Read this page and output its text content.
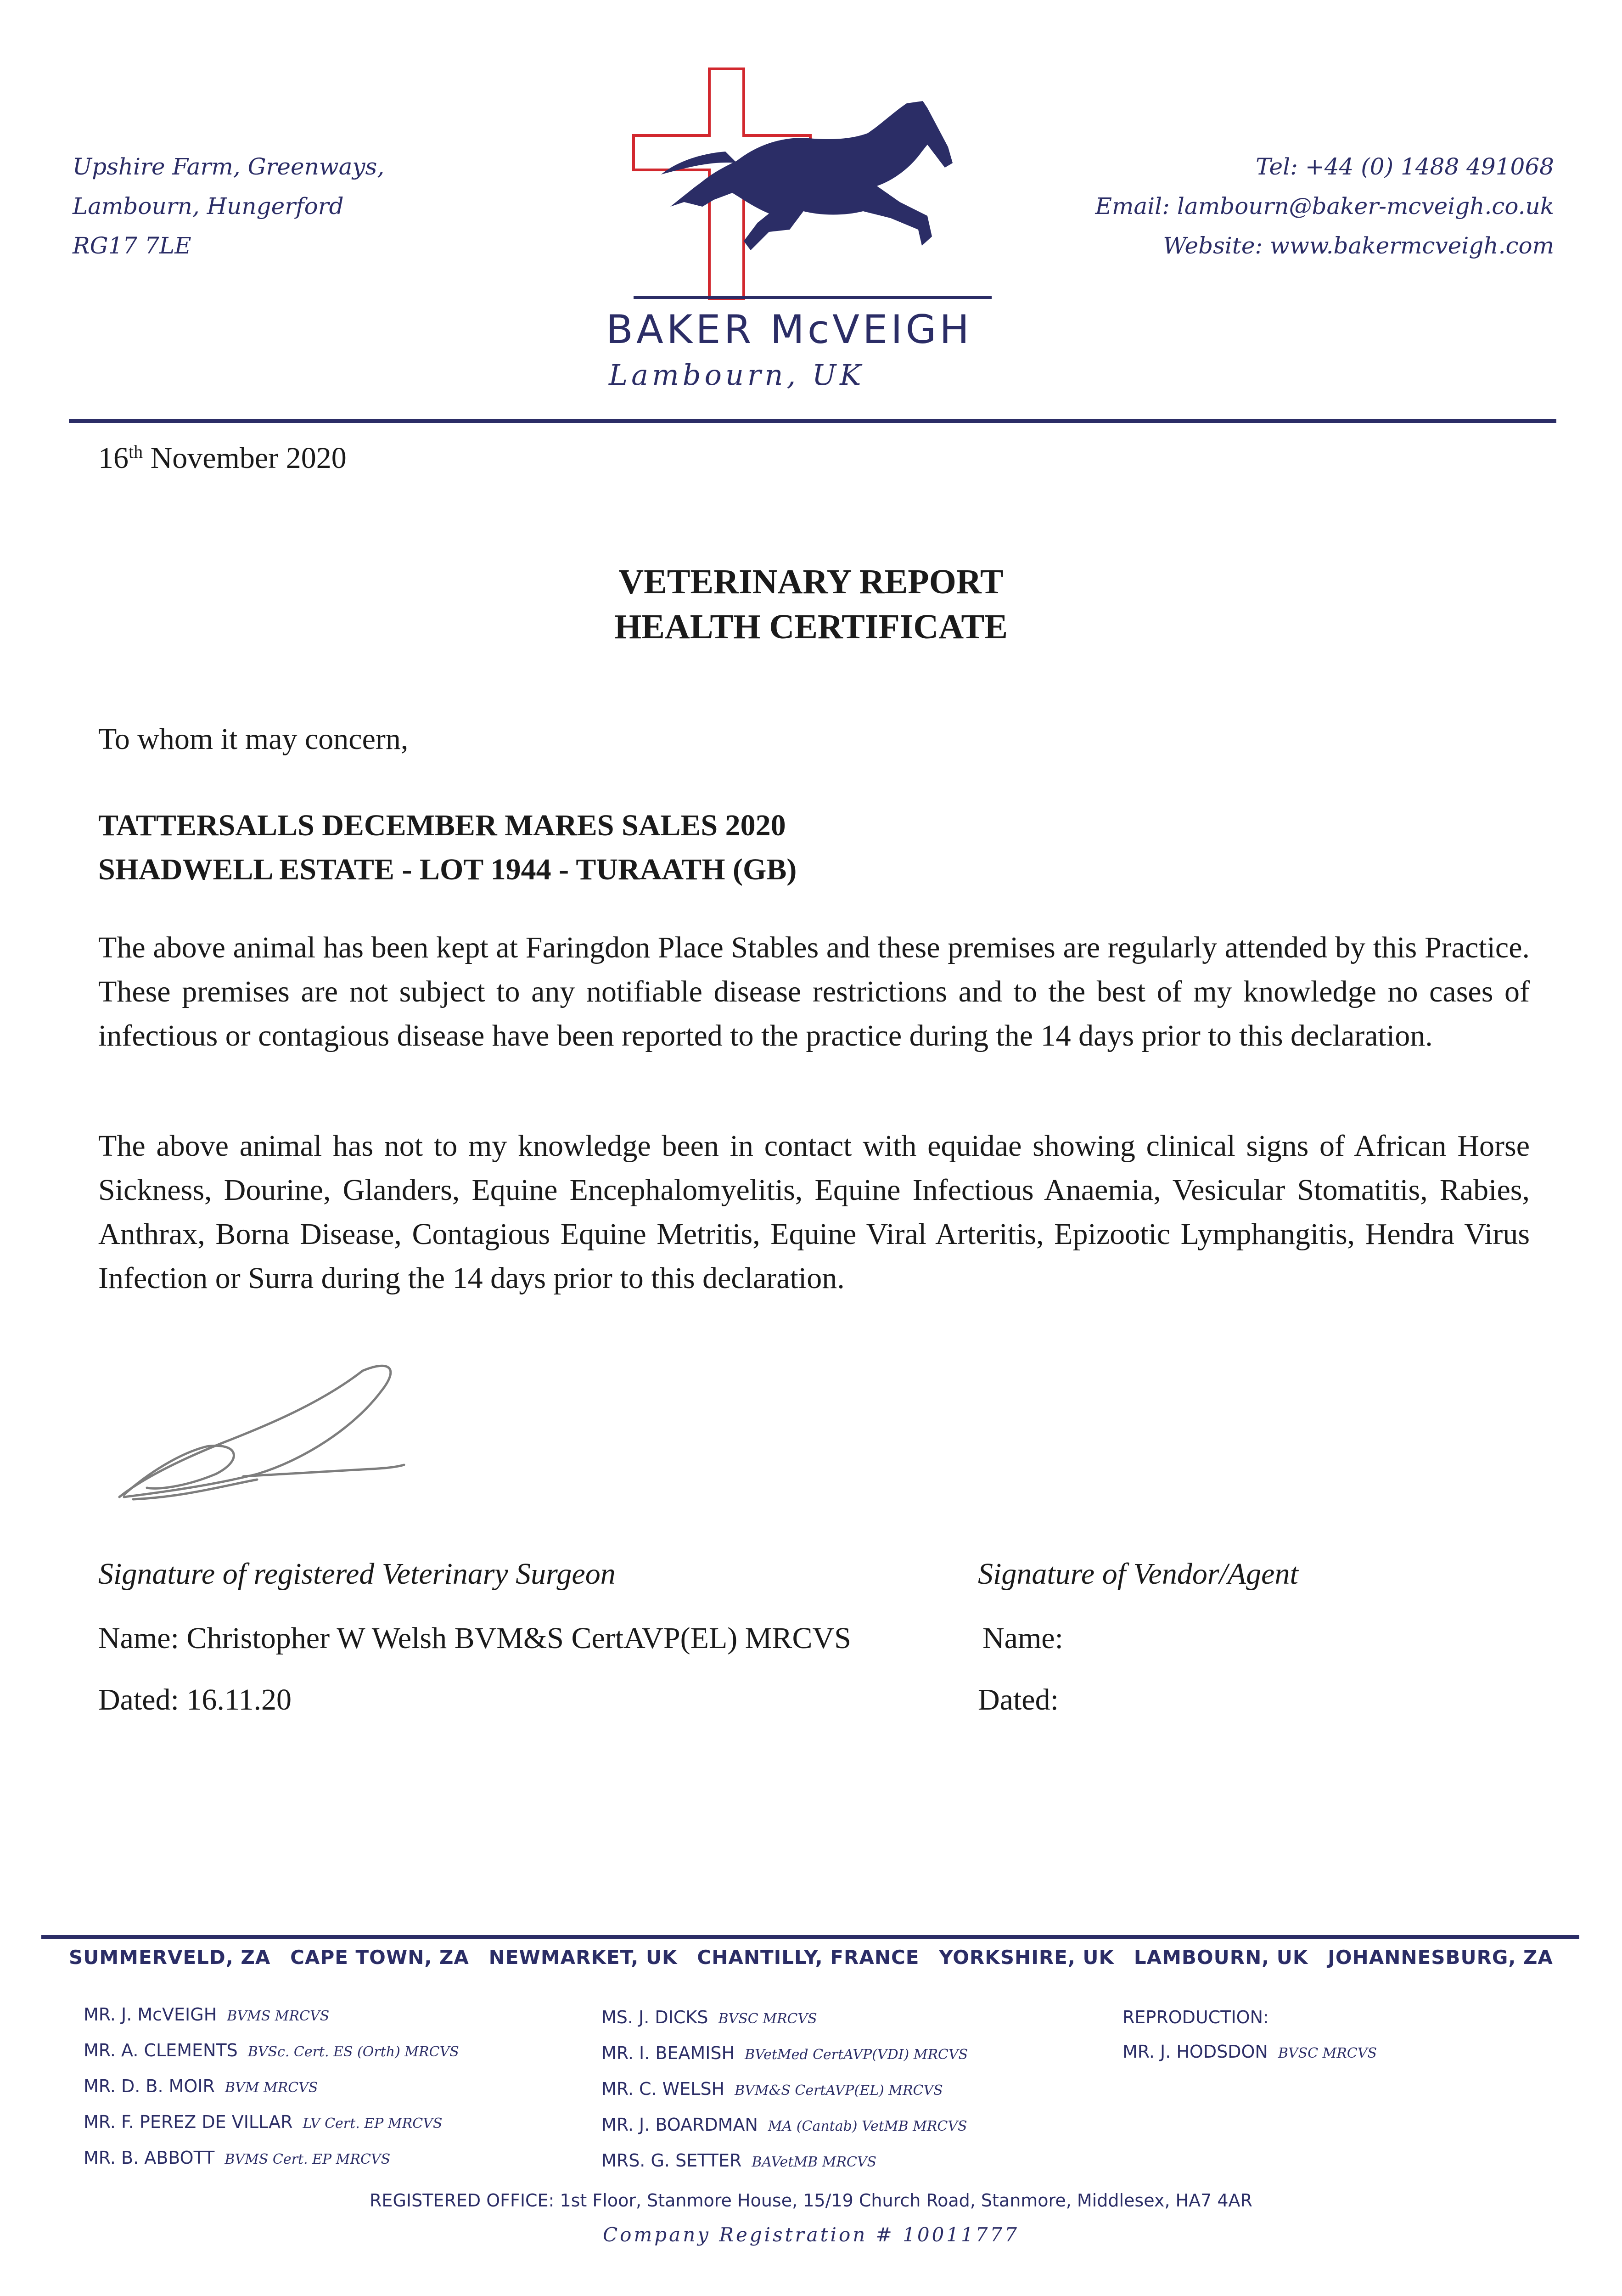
Upshire Farm, Greenways,
Lambourn, Hungerford
RG17 7LE
BAKER McVEIGH
Lambourn, UK
Tel: +44 (0) 1488 491068
Email: lambourn@baker-mcveigh.co.uk
Website: www.bakermcveigh.com
16th November 2020
VETERINARY REPORT
HEALTH CERTIFICATE
To whom it may concern,
TATTERSALLS DECEMBER MARES SALES 2020
SHADWELL ESTATE - LOT 1944 - TURAATH (GB)
The above animal has been kept at Faringdon Place Stables and these premises are regularly attended by this Practice. These premises are not subject to any notifiable disease restrictions and to the best of my knowledge no cases of infectious or contagious disease have been reported to the practice during the 14 days prior to this declaration.
The above animal has not to my knowledge been in contact with equidae showing clinical signs of African Horse Sickness, Dourine, Glanders, Equine Encephalomyelitis, Equine Infectious Anaemia, Vesicular Stomatitis, Rabies, Anthrax, Borna Disease, Contagious Equine Metritis, Equine Viral Arteritis, Epizootic Lymphangitis, Hendra Virus Infection or Surra during the 14 days prior to this declaration.
Signature of registered Veterinary Surgeon
Name: Christopher W Welsh BVM&S CertAVP(EL) MRCVS
Dated: 16.11.20
Signature of Vendor/Agent
Name:
Dated:
SUMMERVELD, ZA CAPE TOWN, ZA NEWMARKET, UK CHANTILLY, FRANCE YORKSHIRE, UK LAMBOURN, UK JOHANNESBURG, ZA
MR. J. McVEIGH BVMS MRCVS
MR. A. CLEMENTS BVSc. Cert. ES (Orth) MRCVS
MR. D. B. MOIR BVM MRCVS
MR. F. PEREZ DE VILLAR LV Cert. EP MRCVS
MR. B. ABBOTT BVMS Cert. EP MRCVS
MS. J. DICKS BVSC MRCVS
MR. I. BEAMISH BVetMed CertAVP(VDI) MRCVS
MR. C. WELSH BVM&S CertAVP(EL) MRCVS
MR. J. BOARDMAN MA (Cantab) VetMB MRCVS
MRS. G. SETTER BAVetMB MRCVS
REPRODUCTION:
MR. J. HODSDON BVSC MRCVS
REGISTERED OFFICE: 1st Floor, Stanmore House, 15/19 Church Road, Stanmore, Middlesex, HA7 4AR
Company Registration # 10011777
